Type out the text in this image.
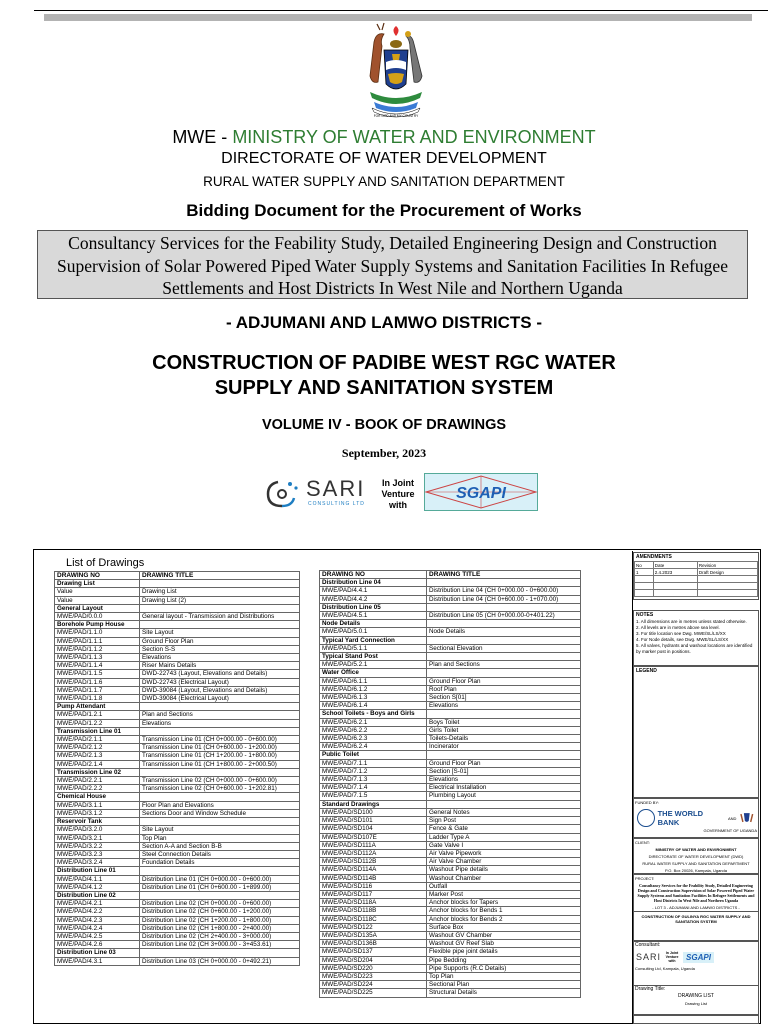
FOR GOD AND MY COUNTRY
MWE - MINISTRY OF WATER AND ENVIRONMENT
DIRECTORATE OF WATER DEVELOPMENT
RURAL WATER SUPPLY AND SANITATION DEPARTMENT
Bidding Document for the Procurement of Works
Consultancy Services for the Feability Study, Detailed Engineering Design and Construction Supervision of Solar Powered Piped Water Supply Systems and Sanitation Facilities In Refugee Settlements and Host Districts In West Nile and Northern Uganda
- ADJUMANI AND LAMWO DISTRICTS -
CONSTRUCTION OF PADIBE WEST RGC WATER
SUPPLY AND SANITATION SYSTEM
VOLUME IV - BOOK OF DRAWINGS
September, 2023
SARI
CONSULTING LTD
In Joint Venture with
SGAPI
List of Drawings
DRAWING NO	DRAWING TITLE
Drawing List	
Value	Drawing List
Value	Drawing List (2)
General Layout	
MWE/PAD/0.0.0	General layout - Transmission and Distributions
Borehole Pump House	
MWE/PAD/1.1.0	Site Layout
MWE/PAD/1.1.1	Ground Floor Plan
MWE/PAD/1.1.2	Section S-S
MWE/PAD/1.1.3	Elevations
MWE/PAD/1.1.4	Riser Mains Details
MWE/PAD/1.1.5	DWD-22743 (Layout, Elevations and Details)
MWE/PAD/1.1.6	DWD-22743 (Electrical Layout)
MWE/PAD/1.1.7	DWD-39084 (Layout, Elevations and Details)
MWE/PAD/1.1.8	DWD-39084 (Electrical Layout)
Pump Attendant	
MWE/PAD/1.2.1	Plan and Sections
MWE/PAD/1.2.2	Elevations
Transmission Line 01	
MWE/PAD/2.1.1	Transmission Line 01 (CH 0+000.00 - 0+600.00)
MWE/PAD/2.1.2	Transmission Line 01 (CH 0+600.00 - 1+200.00)
MWE/PAD/2.1.3	Transmission Line 01 (CH 1+200.00 - 1+800.00)
MWE/PAD/2.1.4	Transmission Line 01 (CH 1+800.00 - 2+000.50)
Transmission Line 02	
MWE/PAD/2.2.1	Transmission Line 02 (CH 0+000.00 - 0+600.00)
MWE/PAD/2.2.2	Transmission Line 02 (CH 0+600.00 - 1+202.81)
Chemical House	
MWE/PAD/3.1.1	Floor Plan and Elevations
MWE/PAD/3.1.2	Sections Door and Window Schedule
Reservoir Tank	
MWE/PAD/3.2.0	Site Layout
MWE/PAD/3.2.1	Top Plan
MWE/PAD/3.2.2	Section A-A and Section B-B
MWE/PAD/3.2.3	Steel Connection Details
MWE/PAD/3.2.4	Foundation Details
Distribution Line 01	
MWE/PAD/4.1.1	Distribution Line 01 (CH 0+000.00 - 0+600.00)
MWE/PAD/4.1.2	Distribution Line 01 (CH 0+600.00 - 1+899.00)
Distribution Line 02	
MWE/PAD/4.2.1	Distribution Line 02 (CH 0+000.00 - 0+600.00)
MWE/PAD/4.2.2	Distribution Line 02 (CH 0+600.00 - 1+200.00)
MWE/PAD/4.2.3	Distribution Line 02 (CH 1+200.00 - 1+800.00)
MWE/PAD/4.2.4	Distribution Line 02 (CH 1+800.00 - 2+400.00)
MWE/PAD/4.2.5	Distribution Line 02 (CH 2+400.00 - 3+000.00)
MWE/PAD/4.2.6	Distribution Line 02 (CH 3+000.00 - 3+453.61)
Distribution Line 03	
MWE/PAD/4.3.1	Distribution Line 03 (CH 0+000.00 - 0+492.21)
DRAWING NO	DRAWING TITLE
Distribution Line 04	
MWE/PAD/4.4.1	Distribution Line 04 (CH 0+000.00 - 0+600.00)
MWE/PAD/4.4.2	Distribution Line 04 (CH 0+600.00 - 1+070.00)
Distribution Line 05	
MWE/PAD/4.5.1	Distribution Line 05 (CH 0+000.00-0+401.22)
Node Details	
MWE/PAD/5.0.1	Node Details
Typical Yard Connection	
MWE/PAD/5.1.1	Sectional Elevation
Typical Stand Post	
MWE/PAD/5.2.1	Plan and Sections
Water Office	
MWE/PAD/6.1.1	Ground Floor Plan
MWE/PAD/6.1.2	Roof Plan
MWE/PAD/6.1.3	Section S[01]
MWE/PAD/6.1.4	Elevations
School Toilets - Boys and Girls	
MWE/PAD/6.2.1	Boys Toilet
MWE/PAD/6.2.2	Girls Toilet
MWE/PAD/6.2.3	Toilets-Details
MWE/PAD/6.2.4	Incinerator
Public Toilet	
MWE/PAD/7.1.1	Ground Floor Plan
MWE/PAD/7.1.2	Section [S-01]
MWE/PAD/7.1.3	Elevations
MWE/PAD/7.1.4	Electrical Installation
MWE/PAD/7.1.5	Plumbing Layout
Standard Drawings	
MWE/PAD/SD100	General Notes
MWE/PAD/SD101	Sign Post
MWE/PAD/SD104	Fence & Gate
MWE/PAD/SD107E	Ladder Type A
MWE/PAD/SD111A	Gate Valve I
MWE/PAD/SD112A	Air Valve Pipework
MWE/PAD/SD112B	Air Valve Chamber
MWE/PAD/SD114A	Washout Pipe details
MWE/PAD/SD114B	Washout Chamber
MWE/PAD/SD116	Outfall
MWE/PAD/SD117	Marker Post
MWE/PAD/SD118A	Anchor blocks for Tapers
MWE/PAD/SD118B	Anchor blocks for Bends 1
MWE/PAD/SD118C	Anchor blocks for Bends 2
MWE/PAD/SD122	Surface Box
MWE/PAD/SD135A	Washout GV Chamber
MWE/PAD/SD136B	Washout GV Reef Slab
MWE/PAD/SD137	Flexible pipe joint details
MWE/PAD/SD204	Pipe Bedding
MWE/PAD/SD220	Pipe Supports (R.C Details)
MWE/PAD/SD223	Top Plan
MWE/PAD/SD224	Sectional Plan
MWE/PAD/SD225	Structural Details
AMENDMENTS
No	Date	Revision
1	2.4.2023	Draft Design

NOTES

1. All dimensions are in metres unless stated otherwise.

2. All levels are in metres above sea level.

3. For title location see Dwg. MWE/SL/LS/XX

4. For Node details, see Dwg. MWE/SL/LS/XX

5. All valves, hydrants and washout locations are identified by marker post in positions.

LEGEND
FUNDED BY:
THE WORLD BANK	AND
GOVERNMENT OF UGANDA
CLIENT:
MINISTRY OF WATER AND ENVIRONMENT
DIRECTORATE OF WATER DEVELOPMENT (DWD)
RURAL WATER SUPPLY AND SANITATION DEPARTMENT
P.O. Box 20026, Kampala, Uganda
PROJECT:
Consultancy Services for the Feability Study, Detailed Engineering Design and Construction Supervision of Solar Powered Piped Water Supply Systems and Sanitation Facilities In Refugee Settlements and Host Districts In West Nile and Northern Uganda
- LOT 3 - ADJUMANI AND LAMWO DISTRICTS -
CONSTRUCTION OF GULINYA RGC WATER SUPPLY AND SANITATION SYSTEM
Consultant:
SARI	In Joint Venture with	SGAPI
Consulting Ltd, Kampala, Uganda
Drawing Title:
DRAWING LIST
Drawing List
